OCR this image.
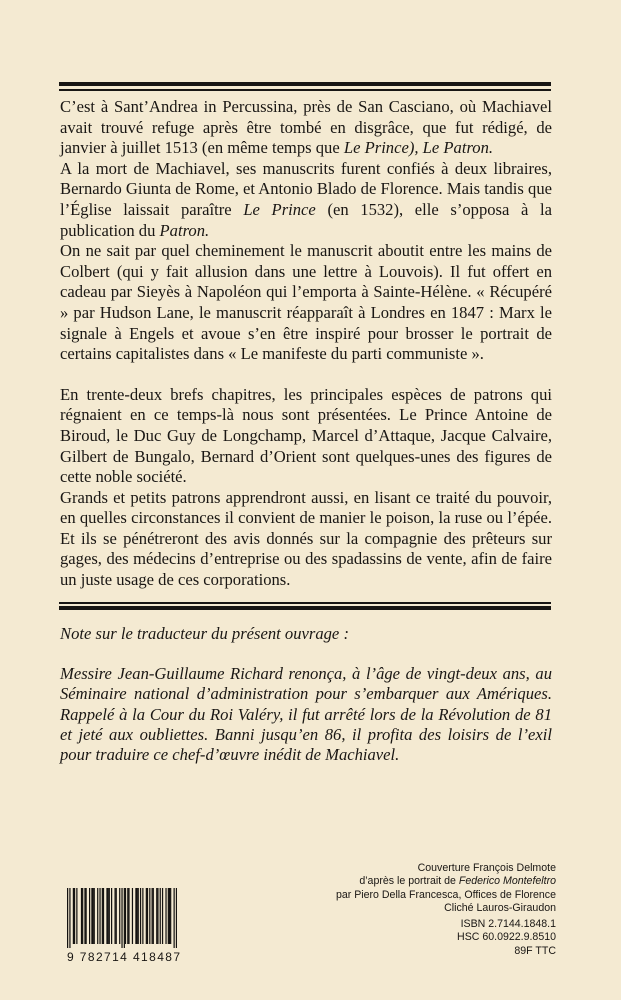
C’est à Sant’Andrea in Percussina, près de San Casciano, où Machiavel avait trouvé refuge après être tombé en disgrâce, que fut rédigé, de janvier à juillet 1513 (en même temps que Le Prince), Le Patron.

A la mort de Machiavel, ses manuscrits furent confiés à deux libraires, Bernardo Giunta de Rome, et Antonio Blado de Florence. Mais tandis que l’Église laissait paraître Le Prince (en 1532), elle s’opposa à la publication du Patron.

On ne sait par quel cheminement le manuscrit aboutit entre les mains de Colbert (qui y fait allusion dans une lettre à Louvois). Il fut offert en cadeau par Sieyès à Napoléon qui l’emporta à Sainte-Hélène. « Récupéré » par Hudson Lane, le manuscrit réapparaît à Londres en 1847 : Marx le signale à Engels et avoue s’en être inspiré pour brosser le portrait de certains capitalistes dans « Le manifeste du parti communiste ».

En trente-deux brefs chapitres, les principales espèces de patrons qui régnaient en ce temps-là nous sont présentées. Le Prince Antoine de Biroud, le Duc Guy de Longchamp, Marcel d’Attaque, Jacque Calvaire, Gilbert de Bungalo, Bernard d’Orient sont quelques-unes des figures de cette noble société.

Grands et petits patrons apprendront aussi, en lisant ce traité du pouvoir, en quelles circonstances il convient de manier le poison, la ruse ou l’épée. Et ils se pénétreront des avis donnés sur la compagnie des prêteurs sur gages, des médecins d’entreprise ou des spadassins de vente, afin de faire un juste usage de ces corporations.

Note sur le traducteur du présent ouvrage :
Messire Jean-Guillaume Richard renonça, à l’âge de vingt-deux ans, au Séminaire national d’administration pour s’embarquer aux Amériques. Rappelé à la Cour du Roi Valéry, il fut arrêté lors de la Révolution de 81 et jeté aux oubliettes. Banni jusqu’en 86, il profita des loisirs de l’exil pour traduire ce chef-d’œuvre inédit de Machiavel.
Couverture François Delmote
d’après le portrait de Federico Montefeltro
par Piero Della Francesca, Offices de Florence
Cliché Lauros-Giraudon
ISBN 2.7144.1848.1
HSC 60.0922.9.8510
89F TTC
9 782714 418487
